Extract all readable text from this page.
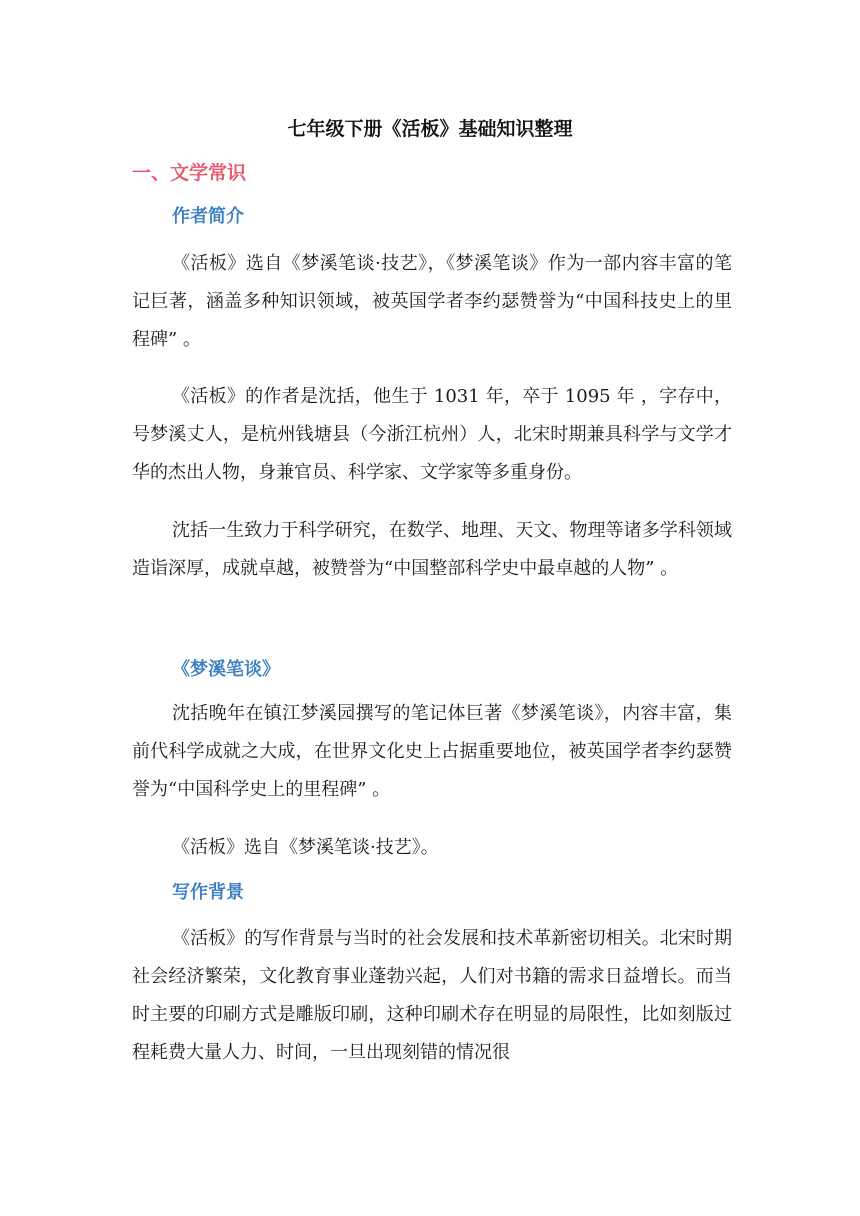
七年级下册《活板》基础知识整理
一、文学常识
作者简介

《活板》选自《梦溪笔谈·技艺》，《梦溪笔谈》作为一部内容丰富的笔记巨著，涵盖多种知识领域，被英国学者李约瑟赞誉为“中国科技史上的里程碑” 。

《活板》的作者是沈括，他生于 1031 年，卒于 1095 年 ，字存中，号梦溪丈人，是杭州钱塘县（今浙江杭州）人，北宋时期兼具科学与文学才华的杰出人物，身兼官员、科学家、文学家等多重身份。

沈括一生致力于科学研究，在数学、地理、天文、物理等诸多学科领域造诣深厚，成就卓越，被赞誉为“中国整部科学史中最卓越的人物” 。

《梦溪笔谈》

沈括晚年在镇江梦溪园撰写的笔记体巨著《梦溪笔谈》，内容丰富，集前代科学成就之大成，在世界文化史上占据重要地位，被英国学者李约瑟赞誉为“中国科学史上的里程碑” 。

《活板》选自《梦溪笔谈·技艺》。

写作背景

《活板》的写作背景与当时的社会发展和技术革新密切相关。北宋时期社会经济繁荣，文化教育事业蓬勃兴起，人们对书籍的需求日益增长。而当时主要的印刷方式是雕版印刷，这种印刷术存在明显的局限性，比如刻版过程耗费大量人力、时间，一旦出现刻错的情况很
